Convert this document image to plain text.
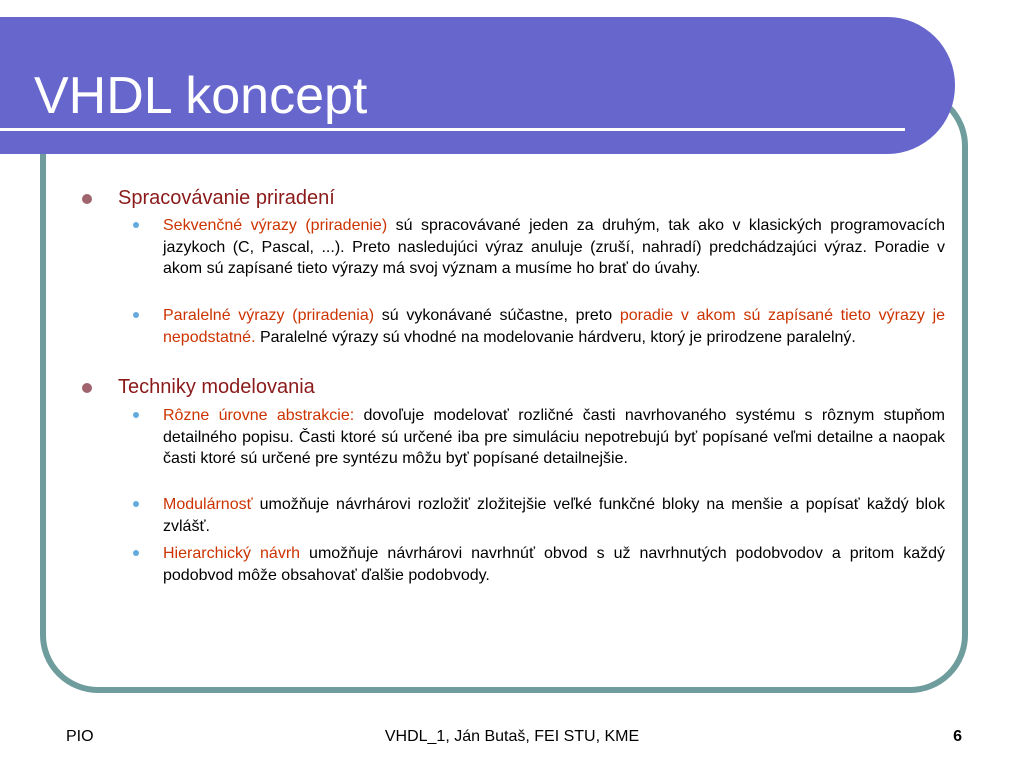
VHDL koncept
Spracovávanie priradení
Sekvenčné výrazy (priradenie) sú spracovávané jeden za druhým, tak ako v klasických programovacích jazykoch (C, Pascal, ...). Preto nasledujúci výraz anuluje (zruší, nahradí) predchádzajúci výraz. Poradie v akom sú zapísané tieto výrazy má svoj význam a musíme ho brať do úvahy.
Paralelné výrazy (priradenia) sú vykonávané súčastne, preto poradie v akom sú zapísané tieto výrazy je nepodstatné. Paralelné výrazy sú vhodné na modelovanie hárdveru, ktorý je prirodzene paralelný.
Techniky modelovania
Rôzne úrovne abstrakcie: dovoľuje modelovať rozličné časti navrhovaného systému s rôznym stupňom detailného popisu. Časti ktoré sú určené iba pre simuláciu nepotrebujú byť popísané veľmi detailne a naopak časti ktoré sú určené pre syntézu môžu byť popísané detailnejšie.
Modulárnosť umožňuje návrhárovi rozložiť zložitejšie veľké funkčné bloky na menšie a popísať každý blok zvlášť.
Hierarchický návrh umožňuje návrhárovi navrhnúť obvod s už navrhnutých podobvodov a pritom každý podobvod môže obsahovať ďalšie podobvody.
PIO	VHDL_1, Ján Butaš, FEI STU, KME	6
